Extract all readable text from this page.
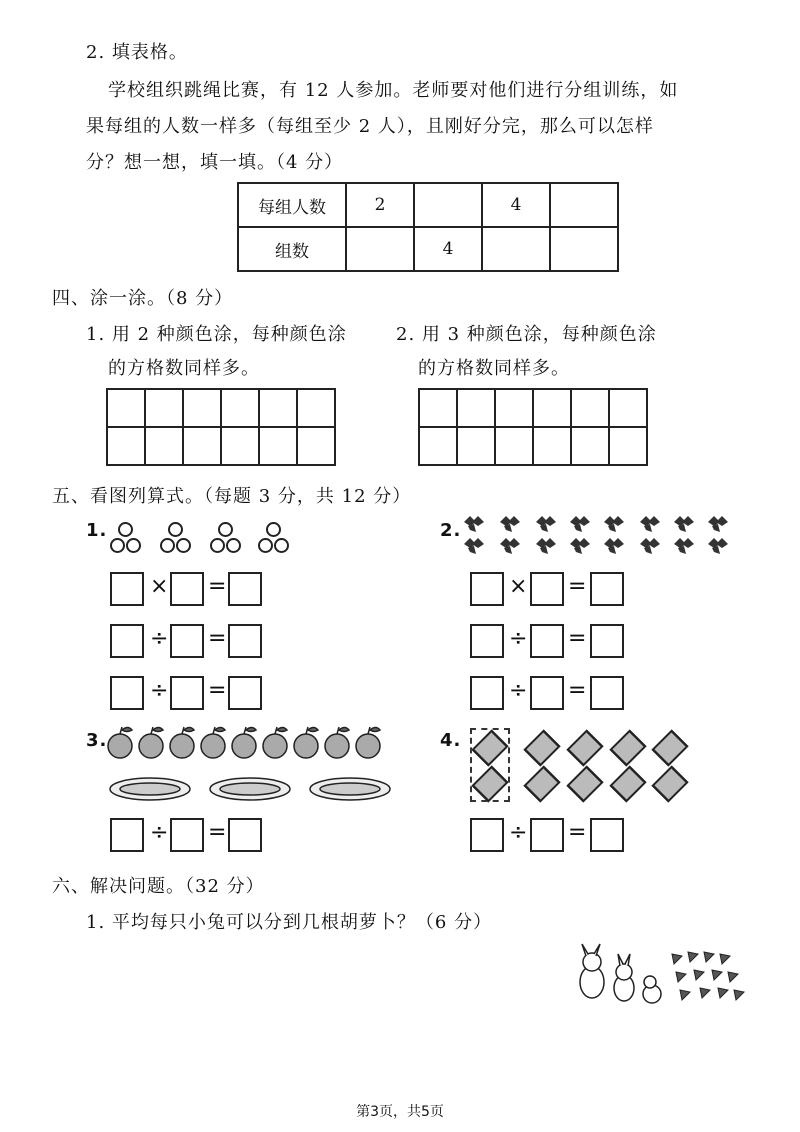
2. 填表格。
学校组织跳绳比赛，有 12 人参加。老师要对他们进行分组训练，如
果每组的人数一样多（每组至少 2 人），且刚好分完，那么可以怎样
分？想一想，填一填。（4 分）
每组人数	2		4	
组数		4		
四、涂一涂。（8 分）
1. 用 2 种颜色涂，每种颜色涂
的方格数同样多。
2. 用 3 种颜色涂，每种颜色涂
的方格数同样多。

五、看图列算式。（每题 3 分，共 12 分）
1.
× =
÷ =
÷ =
2.
× =
÷ =
÷ =
3.
÷ =
4.
÷ =
六、解决问题。（32 分）
1. 平均每只小兔可以分到几根胡萝卜？（6 分）
第3页，共5页
